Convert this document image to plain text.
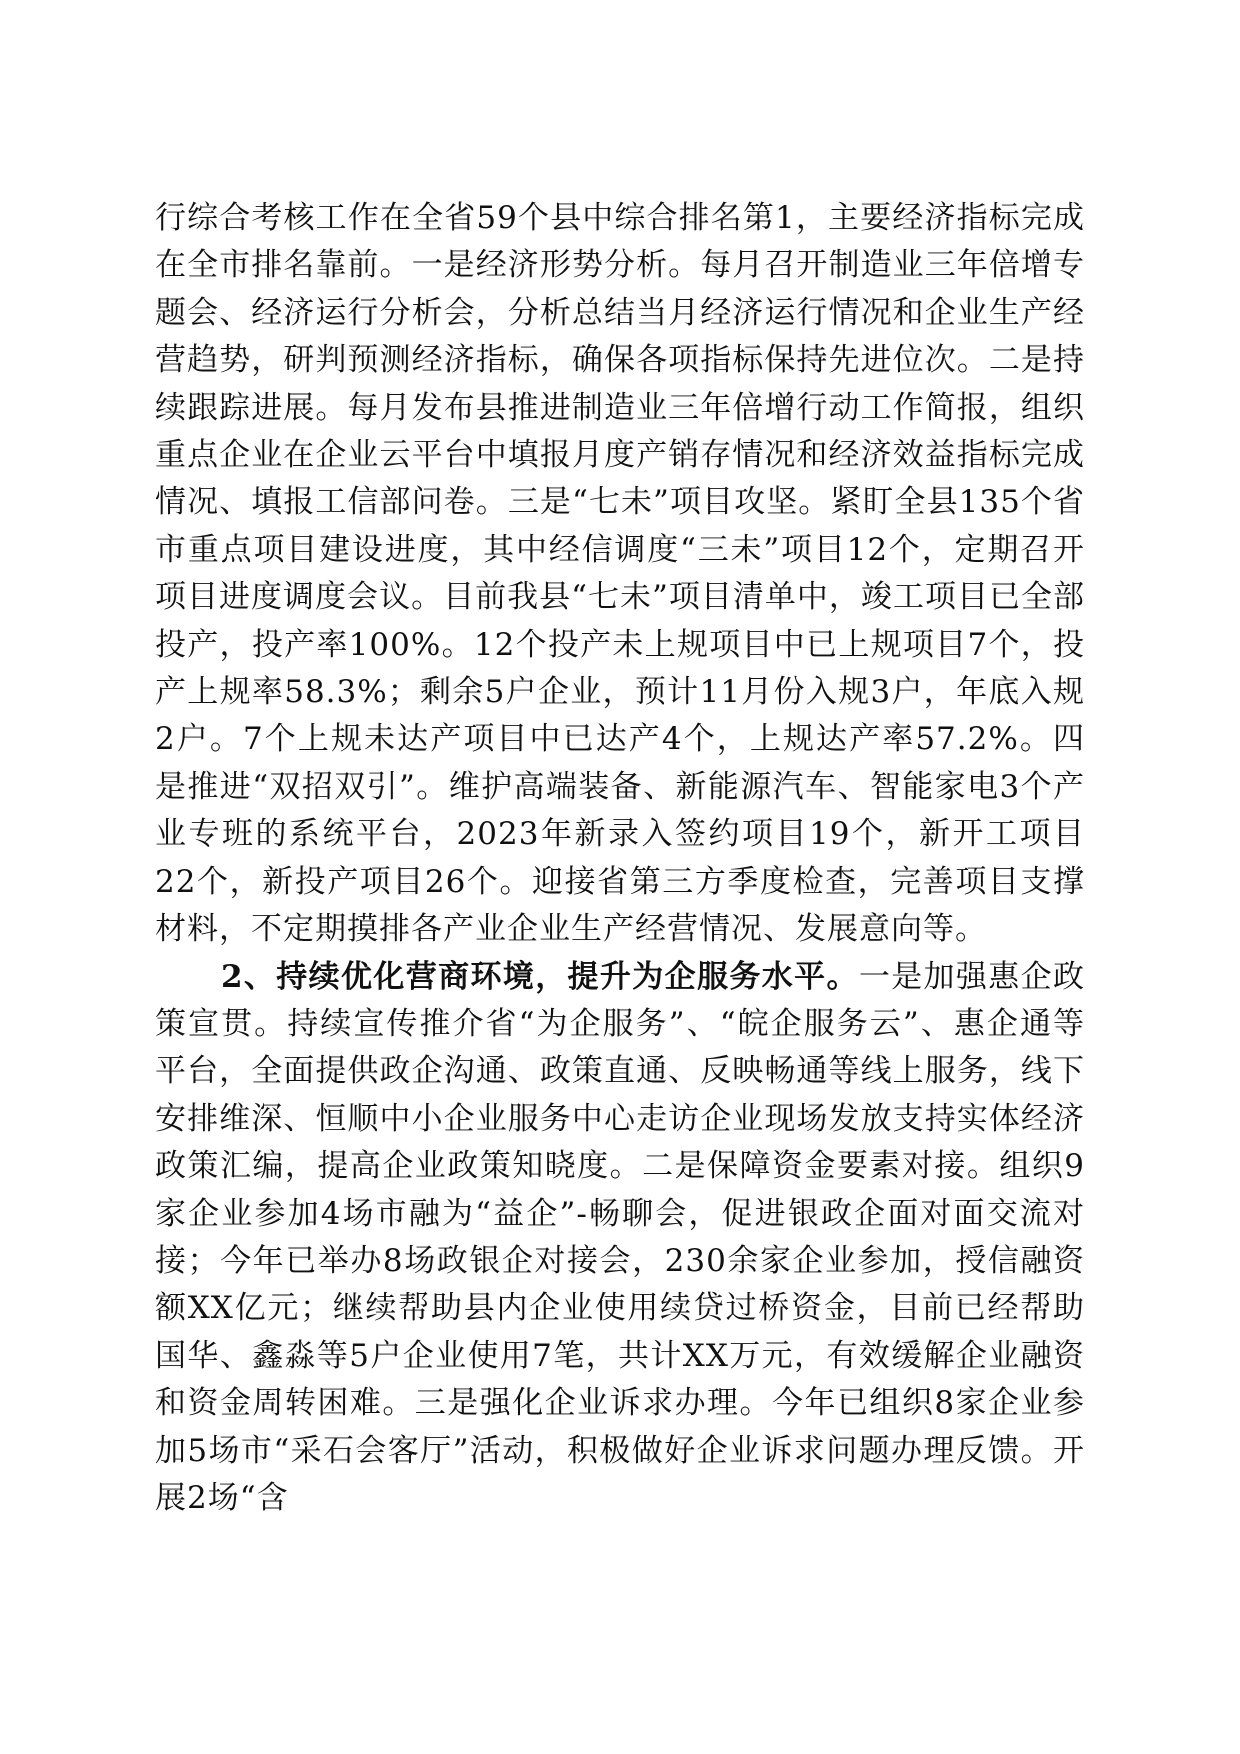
行综合考核工作在全省59个县中综合排名第1，主要经济指标完成在全市排名靠前。一是经济形势分析。每月召开制造业三年倍增专题会、经济运行分析会，分析总结当月经济运行情况和企业生产经营趋势，研判预测经济指标，确保各项指标保持先进位次。二是持续跟踪进展。每月发布县推进制造业三年倍增行动工作简报，组织重点企业在企业云平台中填报月度产销存情况和经济效益指标完成情况、填报工信部问卷。三是“七未”项目攻坚。紧盯全县135个省市重点项目建设进度，其中经信调度“三未”项目12个，定期召开项目进度调度会议。目前我县“七未”项目清单中，竣工项目已全部投产，投产率100%。12个投产未上规项目中已上规项目7个，投产上规率58.3%；剩余5户企业，预计11月份入规3户，年底入规2户。7个上规未达产项目中已达产4个，上规达产率57.2%。四是推进“双招双引”。维护高端装备、新能源汽车、智能家电3个产业专班的系统平台，2023年新录入签约项目19个，新开工项目22个，新投产项目26个。迎接省第三方季度检查，完善项目支撑材料，不定期摸排各产业企业生产经营情况、发展意向等。

2、持续优化营商环境，提升为企服务水平。一是加强惠企政策宣贯。持续宣传推介省“为企服务”、“皖企服务云”、惠企通等平台，全面提供政企沟通、政策直通、反映畅通等线上服务，线下安排维深、恒顺中小企业服务中心走访企业现场发放支持实体经济政策汇编，提高企业政策知晓度。二是保障资金要素对接。组织9家企业参加4场市融为“益企”-畅聊会，促进银政企面对面交流对接；今年已举办8场政银企对接会，230余家企业参加，授信融资额XX亿元；继续帮助县内企业使用续贷过桥资金，目前已经帮助国华、鑫淼等5户企业使用7笔，共计XX万元，有效缓解企业融资和资金周转困难。三是强化企业诉求办理。今年已组织8家企业参加5场市“采石会客厅”活动，积极做好企业诉求问题办理反馈。开展2场“含
